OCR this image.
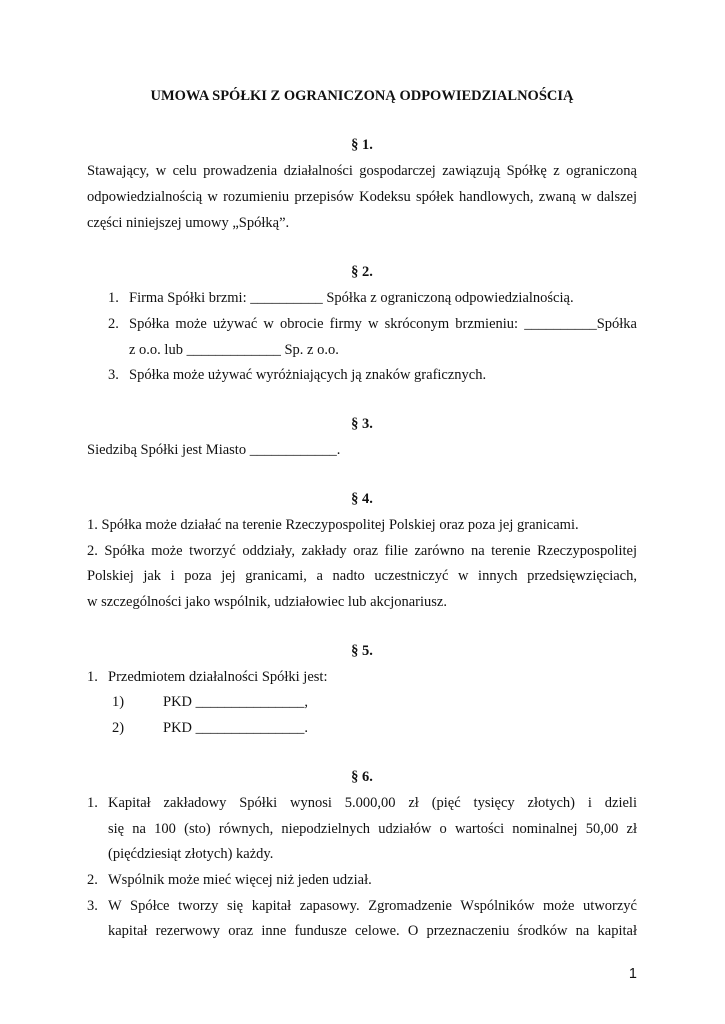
UMOWA SPÓŁKI Z OGRANICZONĄ ODPOWIEDZIALNOŚCIĄ
§ 1.
Stawający, w celu prowadzenia działalności gospodarczej zawiązują Spółkę z ograniczoną
odpowiedzialnością w rozumieniu przepisów Kodeksu spółek handlowych, zwaną w dalszej
części niniejszej umowy „Spółką”.
§ 2.
1. Firma Spółki brzmi: __________ Spółka z ograniczoną odpowiedzialnością.
2. Spółka może używać w obrocie firmy w skróconym brzmieniu: __________Spółka
z o.o. lub _____________ Sp. z o.o.
3. Spółka może używać wyróżniających ją znaków graficznych.
§ 3.
Siedzibą Spółki jest Miasto ____________.
§ 4.
1. Spółka może działać na terenie Rzeczypospolitej Polskiej oraz poza jej granicami.
2. Spółka może tworzyć oddziały, zakłady oraz filie zarówno na terenie Rzeczypospolitej
Polskiej jak i poza jej granicami, a nadto uczestniczyć w innych przedsięwzięciach,
w szczególności jako wspólnik, udziałowiec lub akcjonariusz.
§ 5.
1. Przedmiotem działalności Spółki jest:
1)	PKD _______________,
2)	PKD _______________.
§ 6.
1. Kapitał zakładowy Spółki wynosi 5.000,00 zł (pięć tysięcy złotych) i dzieli
się na 100 (sto) równych, niepodzielnych udziałów o wartości nominalnej 50,00 zł
(pięćdziesiąt złotych) każdy.
2. Wspólnik może mieć więcej niż jeden udział.
3. W Spółce tworzy się kapitał zapasowy. Zgromadzenie Wspólników może utworzyć
kapitał rezerwowy oraz inne fundusze celowe. O przeznaczeniu środków na kapitał
1
